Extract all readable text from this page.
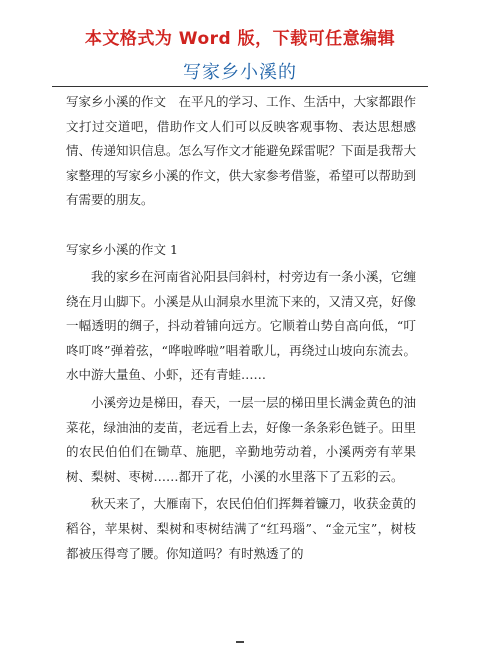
本文格式为 Word 版，下载可任意编辑
写家乡小溪的

写家乡小溪的作文　在平凡的学习、工作、生活中，大家都跟作文打过交道吧，借助作文人们可以反映客观事物、表达思想感情、传递知识信息。怎么写作文才能避免踩雷呢？下面是我帮大家整理的写家乡小溪的作文，供大家参考借鉴，希望可以帮助到有需要的朋友。

写家乡小溪的作文 1

我的家乡在河南省沁阳县闫斜村，村旁边有一条小溪，它缠绕在月山脚下。小溪是从山洞泉水里流下来的，又清又亮，好像一幅透明的绸子，抖动着铺向远方。它顺着山势自高向低，“叮咚叮咚”弹着弦，“哗啦哗啦”唱着歌儿，再绕过山坡向东流去。水中游大量鱼、小虾，还有青蛙……

小溪旁边是梯田，春天，一层一层的梯田里长满金黄色的油菜花，绿油油的麦苗，老远看上去，好像一条条彩色链子。田里的农民伯伯们在锄草、施肥，辛勤地劳动着，小溪两旁有苹果树、梨树、枣树……都开了花，小溪的水里落下了五彩的云。

秋天来了，大雁南下，农民伯伯们挥舞着镰刀，收获金黄的稻谷，苹果树、梨树和枣树结满了“红玛瑙”、“金元宝”，树枝都被压得弯了腰。你知道吗？有时熟透了的
